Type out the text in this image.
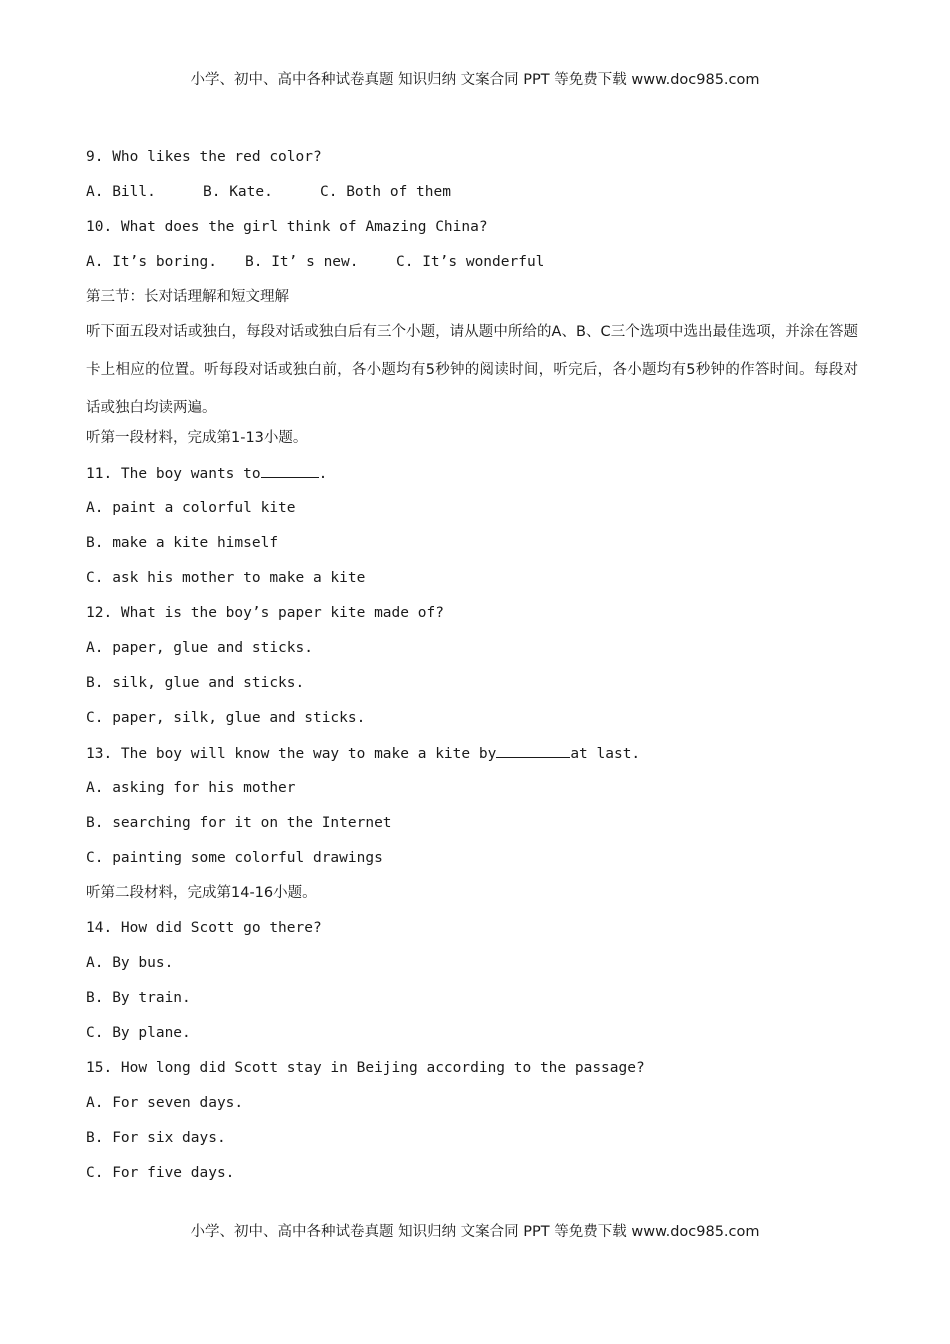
小学、初中、高中各种试卷真题 知识归纳 文案合同 PPT 等免费下载 www.doc985.com
9. Who likes the red color?
A. Bill.	B. Kate.	C. Both of them
10. What does the girl think of Amazing China?
A. It’s boring. B. It’ s new.	C. It’s wonderful
第三节：长对话理解和短文理解
听下面五段对话或独白，每段对话或独白后有三个小题，请从题中所给的A、B、C三个选项中选出最佳选项，并涂在答题卡上相应的位置。听每段对话或独白前，各小题均有5秒钟的阅读时间，听完后，各小题均有5秒钟的作答时间。每段对话或独白均读两遍。
听第一段材料，完成第1-13小题。
11. The boy wants to	.
A. paint a colorful kite
B. make a kite himself
C. ask his mother to make a kite
12. What is the boy’s paper kite made of?
A. paper, glue and sticks.
B. silk, glue and sticks.
C. paper, silk, glue and sticks.
13. The boy will know the way to make a kite by	at last.
A. asking for his mother
B. searching for it on the Internet
C. painting some colorful drawings
听第二段材料，完成第14-16小题。
14. How did Scott go there?
A. By bus.
B. By train.
C. By plane.
15. How long did Scott stay in Beijing according to the passage?
A. For seven days.
B. For six days.
C. For five days.
小学、初中、高中各种试卷真题 知识归纳 文案合同 PPT 等免费下载 www.doc985.com
